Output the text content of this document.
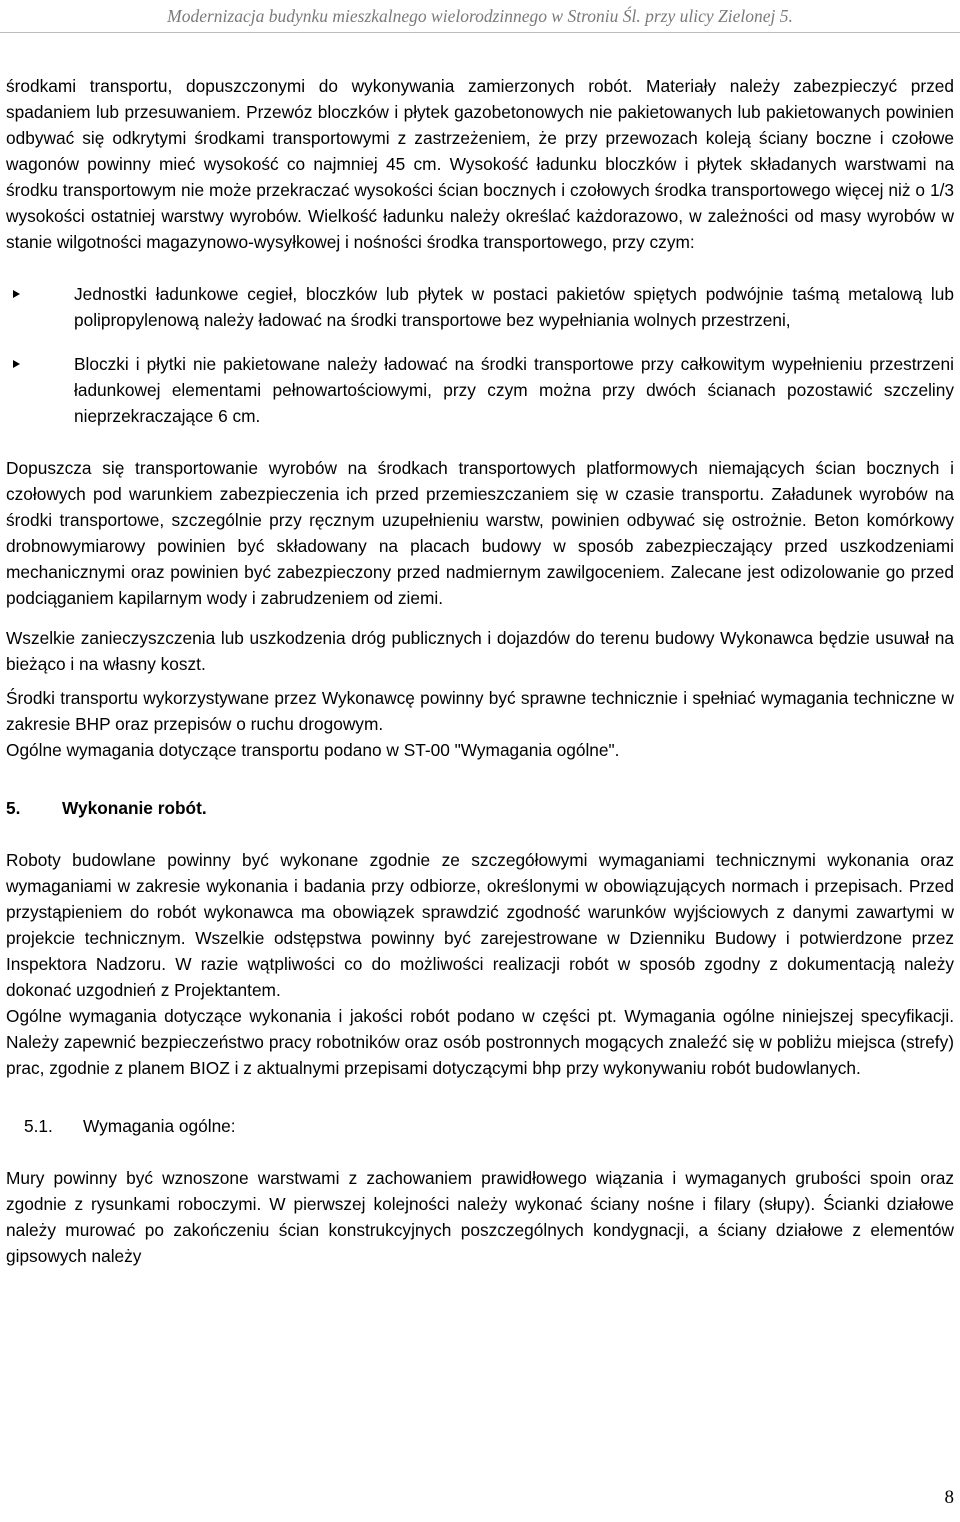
Modernizacja budynku mieszkalnego wielorodzinnego w Stroniu Śl. przy ulicy Zielonej 5.

środkami transportu, dopuszczonymi do wykonywania zamierzonych robót. Materiały należy zabezpieczyć przed spadaniem lub przesuwaniem. Przewóz bloczków i płytek gazobetonowych nie pakietowanych lub pakietowanych powinien odbywać się odkrytymi środkami transportowymi z zastrzeżeniem, że przy przewozach koleją ściany boczne i czołowe wagonów powinny mieć wysokość co najmniej 45 cm. Wysokość ładunku bloczków i płytek składanych warstwami na środku transportowym nie może przekraczać wysokości ścian bocznych i czołowych środka transportowego więcej niż o 1/3 wysokości ostatniej warstwy wyrobów. Wielkość ładunku należy określać każdorazowo, w zależności od masy wyrobów w stanie wilgotności magazynowo-wysyłkowej i nośności środka transportowego, przy czym:

Jednostki ładunkowe cegieł, bloczków lub płytek w postaci pakietów spiętych podwójnie taśmą metalową lub polipropylenową należy ładować na środki transportowe bez wypełniania wolnych przestrzeni,
Bloczki i płytki nie pakietowane należy ładować na środki transportowe przy całkowitym wypełnieniu przestrzeni ładunkowej elementami pełnowartościowymi, przy czym można przy dwóch ścianach pozostawić szczeliny nieprzekraczające 6 cm.

Dopuszcza się transportowanie wyrobów na środkach transportowych platformowych niemających ścian bocznych i czołowych pod warunkiem zabezpieczenia ich przed przemieszczaniem się w czasie transportu. Załadunek wyrobów na środki transportowe, szczególnie przy ręcznym uzupełnieniu warstw, powinien odbywać się ostrożnie. Beton komórkowy drobnowymiarowy powinien być składowany na placach budowy w sposób zabezpieczający przed uszkodzeniami mechanicznymi oraz powinien być zabezpieczony przed nadmiernym zawilgoceniem. Zalecane jest odizolowanie go przed podciąganiem kapilarnym wody i zabrudzeniem od ziemi.

Wszelkie zanieczyszczenia lub uszkodzenia dróg publicznych i dojazdów do terenu budowy Wykonawca będzie usuwał na bieżąco i na własny koszt.

Środki transportu wykorzystywane przez Wykonawcę powinny być sprawne technicznie i spełniać wymagania techniczne w zakresie BHP oraz przepisów o ruchu drogowym.

Ogólne wymagania dotyczące transportu podano w ST-00 "Wymagania ogólne".

5.	Wykonanie robót.

Roboty budowlane powinny być wykonane zgodnie ze szczegółowymi wymaganiami technicznymi wykonania oraz wymaganiami w zakresie wykonania i badania przy odbiorze, określonymi w obowiązujących normach i przepisach. Przed przystąpieniem do robót wykonawca ma obowiązek sprawdzić zgodność warunków wyjściowych z danymi zawartymi w projekcie technicznym. Wszelkie odstępstwa powinny być zarejestrowane w Dzienniku Budowy i potwierdzone przez Inspektora Nadzoru. W razie wątpliwości co do możliwości realizacji robót w sposób zgodny z dokumentacją należy dokonać uzgodnień z Projektantem.

Ogólne wymagania dotyczące wykonania i jakości robót podano w części pt. Wymagania ogólne niniejszej specyfikacji. Należy zapewnić bezpieczeństwo pracy robotników oraz osób postronnych mogących znaleźć się w pobliżu miejsca (strefy) prac, zgodnie z planem BIOZ i z aktualnymi przepisami dotyczącymi bhp przy wykonywaniu robót budowlanych.

5.1.	Wymagania ogólne:

Mury powinny być wznoszone warstwami z zachowaniem prawidłowego wiązania i wymaganych grubości spoin oraz zgodnie z rysunkami roboczymi. W pierwszej kolejności należy wykonać ściany nośne i filary (słupy). Ścianki działowe należy murować po zakończeniu ścian konstrukcyjnych poszczególnych kondygnacji, a ściany działowe z elementów gipsowych należy

8
